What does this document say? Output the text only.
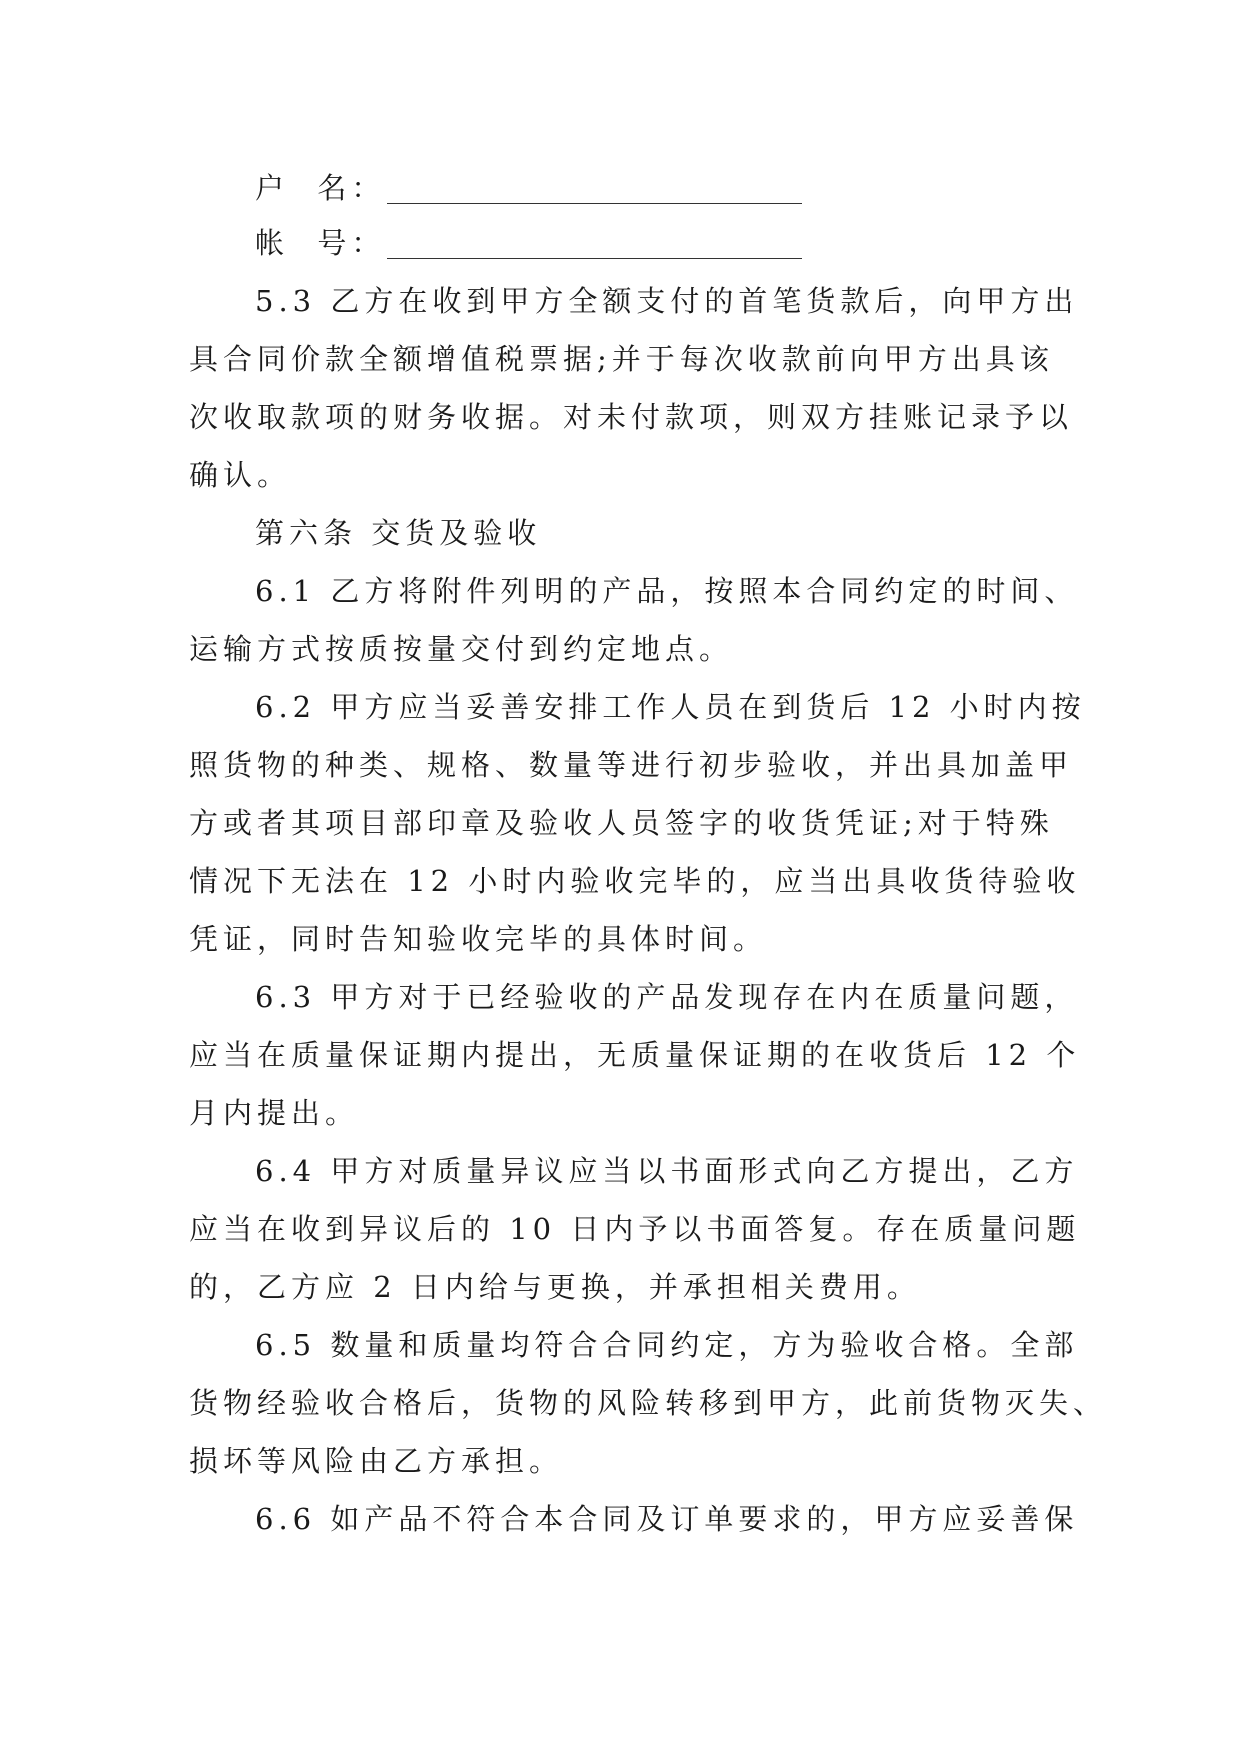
户  名：
帐  号：
5.3 乙方在收到甲方全额支付的首笔货款后，向甲方出
具合同价款全额增值税票据;并于每次收款前向甲方出具该
次收取款项的财务收据。对未付款项，则双方挂账记录予以
确认。
第六条 交货及验收
6.1 乙方将附件列明的产品，按照本合同约定的时间、
运输方式按质按量交付到约定地点。
6.2 甲方应当妥善安排工作人员在到货后 12 小时内按
照货物的种类、规格、数量等进行初步验收，并出具加盖甲
方或者其项目部印章及验收人员签字的收货凭证;对于特殊
情况下无法在 12 小时内验收完毕的，应当出具收货待验收
凭证，同时告知验收完毕的具体时间。
6.3 甲方对于已经验收的产品发现存在内在质量问题，
应当在质量保证期内提出，无质量保证期的在收货后 12 个
月内提出。
6.4 甲方对质量异议应当以书面形式向乙方提出，乙方
应当在收到异议后的 10 日内予以书面答复。存在质量问题
的，乙方应 2 日内给与更换，并承担相关费用。
6.5 数量和质量均符合合同约定，方为验收合格。全部
货物经验收合格后，货物的风险转移到甲方，此前货物灭失、
损坏等风险由乙方承担。
6.6 如产品不符合本合同及订单要求的，甲方应妥善保
